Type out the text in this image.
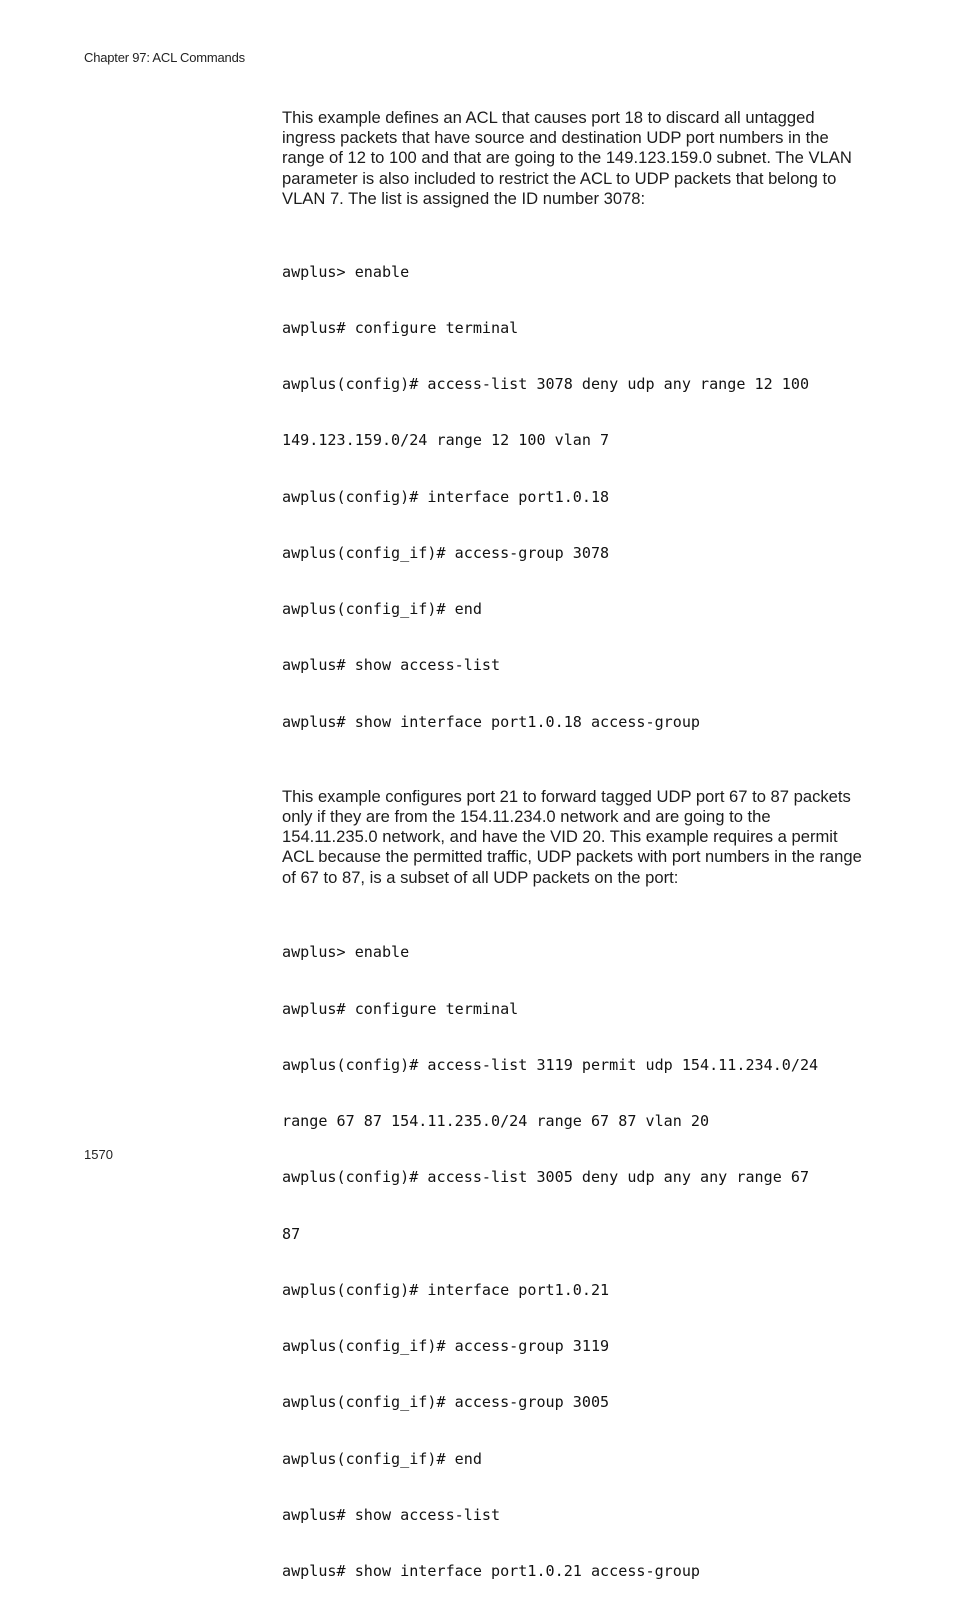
Chapter 97: ACL Commands

This example defines an ACL that causes port 18 to discard all untagged ingress packets that have source and destination UDP port numbers in the range of 12 to 100 and that are going to the 149.123.159.0 subnet. The VLAN parameter is also included to restrict the ACL to UDP packets that belong to VLAN 7. The list is assigned the ID number 3078:

awplus> enable

awplus# configure terminal

awplus(config)# access-list 3078 deny udp any range 12 100

149.123.159.0/24 range 12 100 vlan 7

awplus(config)# interface port1.0.18

awplus(config_if)# access-group 3078

awplus(config_if)# end

awplus# show access-list

awplus# show interface port1.0.18 access-group

This example configures port 21 to forward tagged UDP port 67 to 87 packets only if they are from the 154.11.234.0 network and are going to the 154.11.235.0 network, and have the VID 20. This example requires a permit ACL because the permitted traffic, UDP packets with port numbers in the range of 67 to 87, is a subset of all UDP packets on the port:

awplus> enable

awplus# configure terminal

awplus(config)# access-list 3119 permit udp 154.11.234.0/24

range 67 87 154.11.235.0/24 range 67 87 vlan 20

awplus(config)# access-list 3005 deny udp any any range 67

87

awplus(config)# interface port1.0.21

awplus(config_if)# access-group 3119

awplus(config_if)# access-group 3005

awplus(config_if)# end

awplus# show access-list

awplus# show interface port1.0.21 access-group

1570
